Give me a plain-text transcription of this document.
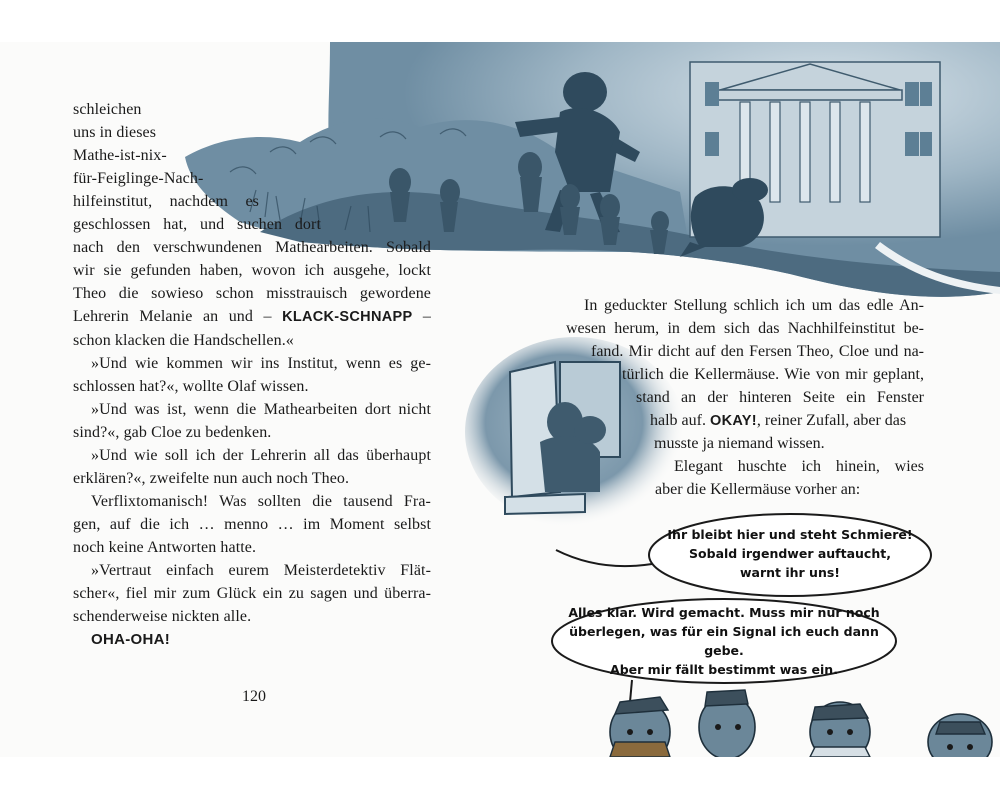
schleichen
uns in dieses
Mathe-ist-nix-
für-Feiglinge-Nach-
hilfeinstitut, nachdem es
geschlossen hat, und suchen dort
nach den verschwundenen Mathearbeiten. Sobald
wir sie gefunden haben, wovon ich ausgehe, lockt
Theo die sowieso schon misstrauisch gewordene
Lehrerin Melanie an und – KLACK-SCHNAPP –
schon klacken die Handschellen.«
»Und wie kommen wir ins Institut, wenn es ge-
schlossen hat?«, wollte Olaf wissen.
»Und was ist, wenn die Mathearbeiten dort nicht
sind?«, gab Cloe zu bedenken.
»Und wie soll ich der Lehrerin all das überhaupt
erklären?«, zweifelte nun auch noch Theo.
Verflixtomanisch! Was sollten die tausend Fra-
gen, auf die ich … menno … im Moment selbst
noch keine Antworten hatte.
»Vertraut einfach eurem Meisterdetektiv Flät-
scher«, fiel mir zum Glück ein zu sagen und überra-
schenderweise nickten alle.
OHA-OHA!
120
In geduckter Stellung schlich ich um das edle An-
wesen herum, in dem sich das Nachhilfeinstitut be-
fand. Mir dicht auf den Fersen Theo, Cloe und na-
türlich die Kellermäuse. Wie von mir geplant,
stand an der hinteren Seite ein Fenster
halb auf. OKAY!, reiner Zufall, aber das
musste ja niemand wissen.
Elegant huschte ich hinein, wies
aber die Kellermäuse vorher an:
Ihr bleibt hier und steht Schmiere!
Sobald irgendwer auftaucht,
warnt ihr uns!
Alles klar. Wird gemacht. Muss mir nur noch
überlegen, was für ein Signal ich euch dann gebe.
Aber mir fällt bestimmt was ein.
